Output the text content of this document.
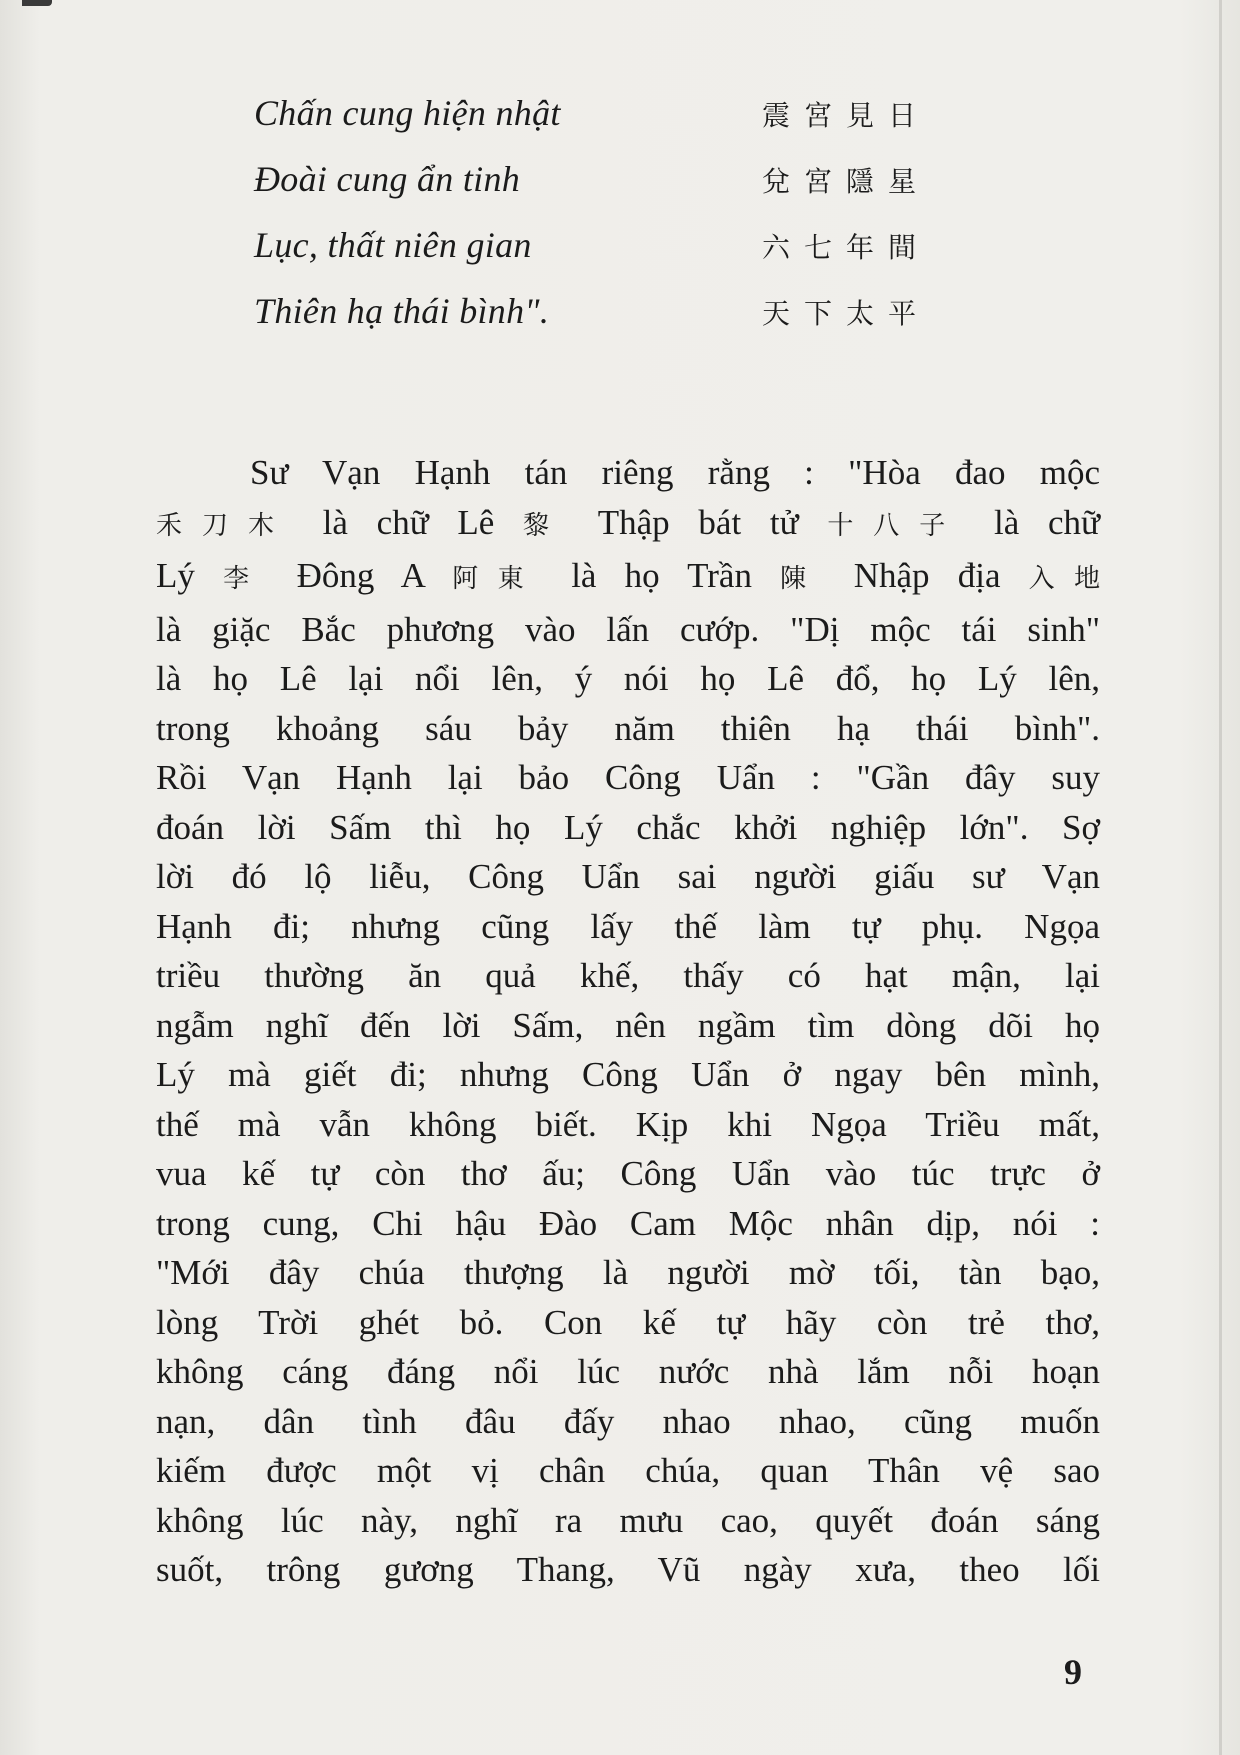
Chấn cung hiện nhật	震宮見日
Đoài cung ẩn tinh	兌宮隱星
Lục, thất niên gian	六七年間
Thiên hạ thái bình".	天下太平
Sư Vạn Hạnh tán riêng rằng : "Hòa đao mộc
禾刀木 là chữ Lê 黎 Thập bát tử 十八子 là chữ
Lý 李 Đông A 阿東 là họ Trần 陳 Nhập địa 入地
là giặc Bắc phương vào lấn cướp. "Dị mộc tái sinh"
là họ Lê lại nổi lên, ý nói họ Lê đổ, họ Lý lên,
trong khoảng sáu bảy năm thiên hạ thái bình".
Rồi Vạn Hạnh lại bảo Công Uẩn : "Gần đây suy
đoán lời Sấm thì họ Lý chắc khởi nghiệp lớn". Sợ
lời đó lộ liễu, Công Uẩn sai người giấu sư Vạn
Hạnh đi; nhưng cũng lấy thế làm tự phụ. Ngọa
triều thường ăn quả khế, thấy có hạt mận, lại
ngẫm nghĩ đến lời Sấm, nên ngầm tìm dòng dõi họ
Lý mà giết đi; nhưng Công Uẩn ở ngay bên mình,
thế mà vẫn không biết. Kịp khi Ngọa Triều mất,
vua kế tự còn thơ ấu; Công Uẩn vào túc trực ở
trong cung, Chi hậu Đào Cam Mộc nhân dịp, nói :
"Mới đây chúa thượng là người mờ tối, tàn bạo,
lòng Trời ghét bỏ. Con kế tự hãy còn trẻ thơ,
không cáng đáng nổi lúc nước nhà lắm nỗi hoạn
nạn, dân tình đâu đấy nhao nhao, cũng muốn
kiếm được một vị chân chúa, quan Thân vệ sao
không lúc này, nghĩ ra mưu cao, quyết đoán sáng
suốt, trông gương Thang, Vũ ngày xưa, theo lối
9
